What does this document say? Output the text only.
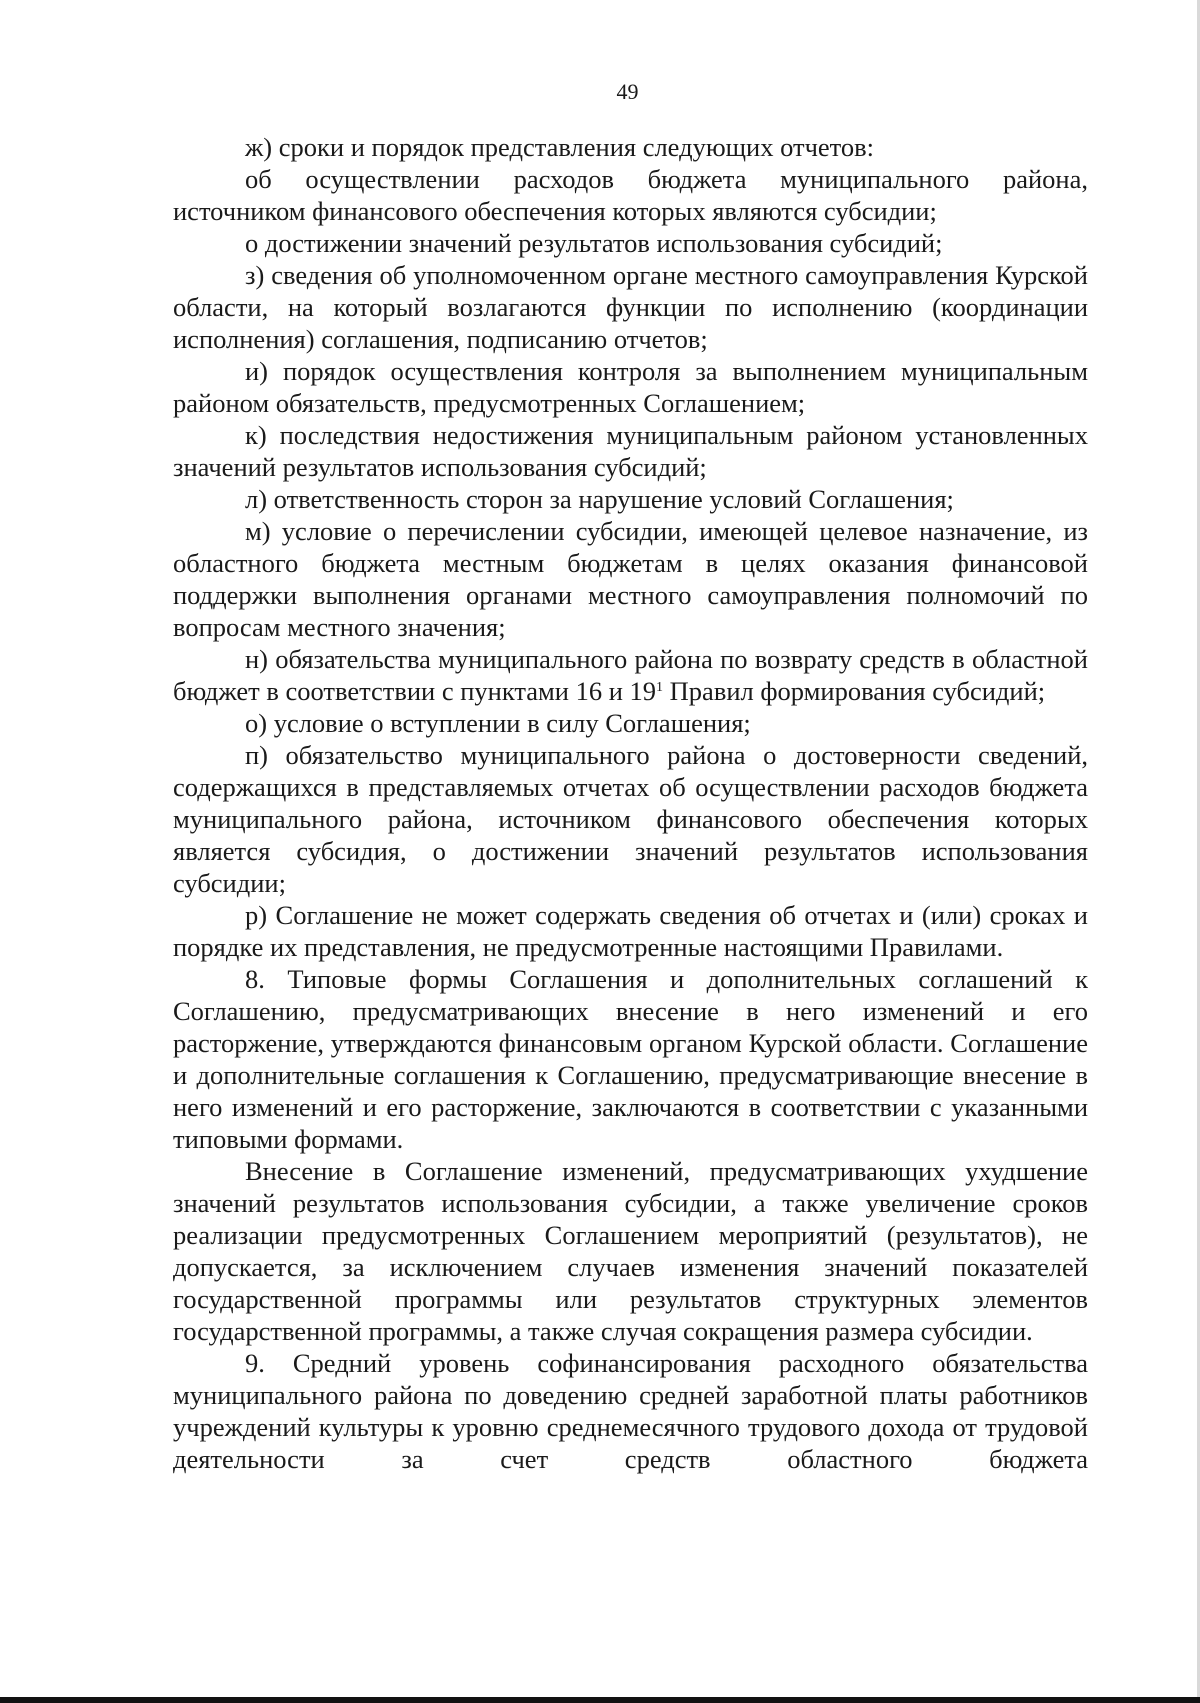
49

ж) сроки и порядок представления следующих отчетов:

об осуществлении расходов бюджета муниципального района, источником финансового обеспечения которых являются субсидии;

о достижении значений результатов использования субсидий;

з) сведения об уполномоченном органе местного самоуправления Курской области, на который возлагаются функции по исполнению (координации исполнения) соглашения, подписанию отчетов;

и) порядок осуществления контроля за выполнением муниципальным районом обязательств, предусмотренных Соглашением;

к) последствия недостижения муниципальным районом установленных значений результатов использования субсидий;

л) ответственность сторон за нарушение условий Соглашения;

м) условие о перечислении субсидии, имеющей целевое назначение, из областного бюджета местным бюджетам в целях оказания финансовой поддержки выполнения органами местного самоуправления полномочий по вопросам местного значения;

н) обязательства муниципального района по возврату средств в областной бюджет в соответствии с пунктами 16 и $19^1$ Правил формирования субсидий;

о) условие о вступлении в силу Соглашения;

п) обязательство муниципального района о достоверности сведений, содержащихся в представляемых отчетах об осуществлении расходов бюджета муниципального района, источником финансового обеспечения которых является субсидия, о достижении значений результатов использования субсидии;

р) Соглашение не может содержать сведения об отчетах и (или) сроках и порядке их представления, не предусмотренные настоящими Правилами.

8. Типовые формы Соглашения и дополнительных соглашений к Соглашению, предусматривающих внесение в него изменений и его расторжение, утверждаются финансовым органом Курской области. Соглашение и дополнительные соглашения к Соглашению, предусматривающие внесение в него изменений и его расторжение, заключаются в соответствии с указанными типовыми формами.

Внесение в Соглашение изменений, предусматривающих ухудшение значений результатов использования субсидии, а также увеличение сроков реализации предусмотренных Соглашением мероприятий (результатов), не допускается, за исключением случаев изменения значений показателей государственной программы или результатов структурных элементов государственной программы, а также случая сокращения размера субсидии.

9. Средний уровень софинансирования расходного обязательства муниципального района по доведению средней заработной платы работников учреждений культуры к уровню среднемесячного трудового дохода от трудовой деятельности за счет средств областного бюджета
